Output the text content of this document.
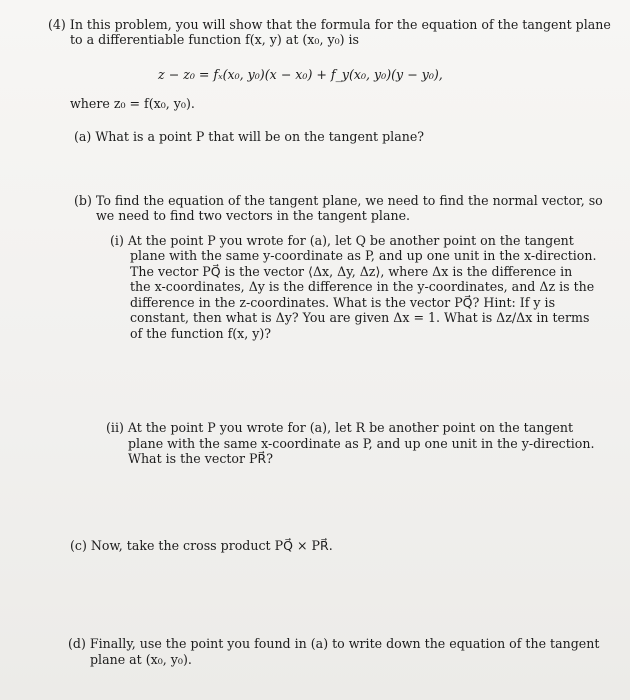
(4) In this problem, you will show that the formula for the equation of the tangent plane
to a differentiable function f(x, y) at (x₀, y₀) is
z − z₀ = fₓ(x₀, y₀)(x − x₀) + f_y(x₀, y₀)(y − y₀),
where z₀ = f(x₀, y₀).
(a) What is a point P that will be on the tangent plane?
(b) To find the equation of the tangent plane, we need to find the normal vector, so
we need to find two vectors in the tangent plane.
(i) At the point P you wrote for (a), let Q be another point on the tangent
plane with the same y-coordinate as P, and up one unit in the x-direction.
The vector PQ⃗ is the vector ⟨Δx, Δy, Δz⟩, where Δx is the difference in
the x-coordinates, Δy is the difference in the y-coordinates, and Δz is the
difference in the z-coordinates. What is the vector PQ⃗? Hint: If y is
constant, then what is Δy? You are given Δx = 1. What is Δz/Δx in terms
of the function f(x, y)?
(ii) At the point P you wrote for (a), let R be another point on the tangent
plane with the same x-coordinate as P, and up one unit in the y-direction.
What is the vector PR⃗?
(c) Now, take the cross product PQ⃗ × PR⃗.
(d) Finally, use the point you found in (a) to write down the equation of the tangent
plane at (x₀, y₀).
